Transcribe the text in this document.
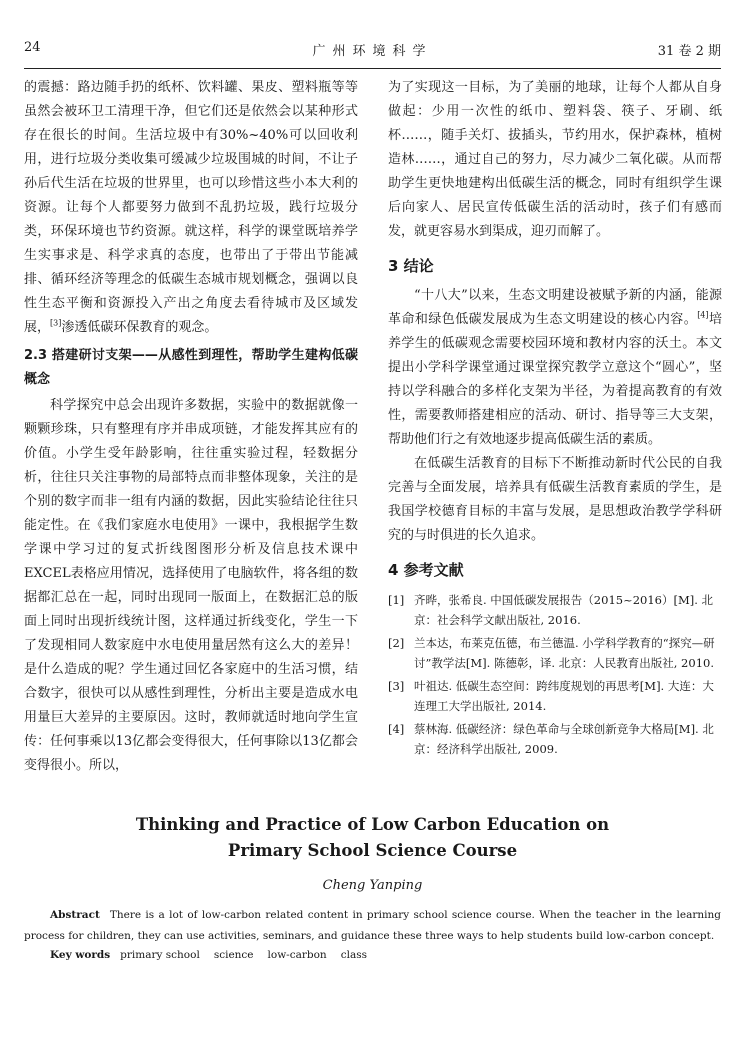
24	广州环境科学	31 卷 2 期

的震撼：路边随手扔的纸杯、饮料罐、果皮、塑料瓶等等虽然会被环卫工清理干净，但它们还是依然会以某种形式存在很长的时间。生活垃圾中有30%~40%可以回收利用，进行垃圾分类收集可缓减少垃圾围城的时间，不让子孙后代生活在垃圾的世界里，也可以珍惜这些小本大利的资源。让每个人都要努力做到不乱扔垃圾，践行垃圾分类，环保环境也节约资源。就这样，科学的课堂既培养学生实事求是、科学求真的态度，也带出了于带出节能减排、循环经济等理念的低碳生态城市规划概念，强调以良性生态平衡和资源投入产出之角度去看待城市及区域发展，[3]渗透低碳环保教育的观念。

2.3 搭建研讨支架——从感性到理性，帮助学生建构低碳概念

科学探究中总会出现许多数据，实验中的数据就像一颗颗珍珠，只有整理有序并串成项链，才能发挥其应有的价值。小学生受年龄影响，往往重实验过程，轻数据分析，往往只关注事物的局部特点而非整体现象，关注的是个别的数字而非一组有内涵的数据，因此实验结论往往只能定性。在《我们家庭水电使用》一课中，我根据学生数学课中学习过的复式折线图图形分析及信息技术课中EXCEL表格应用情况，选择使用了电脑软件，将各组的数据都汇总在一起，同时出现同一版面上，在数据汇总的版面上同时出现折线统计图，这样通过折线变化，学生一下了发现相同人数家庭中水电使用量居然有这么大的差异！是什么造成的呢？学生通过回忆各家庭中的生活习惯，结合数字，很快可以从感性到理性，分析出主要是造成水电用量巨大差异的主要原因。这时，教师就适时地向学生宣传：任何事乘以13亿都会变得很大，任何事除以13亿都会变得很小。所以，

为了实现这一目标，为了美丽的地球，让每个人都从自身做起：少用一次性的纸巾、塑料袋、筷子、牙刷、纸杯……，随手关灯、拔插头，节约用水，保护森林，植树造林……，通过自己的努力，尽力减少二氧化碳。从而帮助学生更快地建构出低碳生活的概念，同时有组织学生课后向家人、居民宣传低碳生活的活动时，孩子们有感而发，就更容易水到渠成，迎刃而解了。

3 结论

“十八大”以来，生态文明建设被赋予新的内涵，能源革命和绿色低碳发展成为生态文明建设的核心内容。[4]培养学生的低碳观念需要校园环境和教材内容的沃土。本文提出小学科学课堂通过课堂探究教学立意这个“圆心”，坚持以学科融合的多样化支架为半径，为着提高教育的有效性，需要教师搭建相应的活动、研讨、指导等三大支架，帮助他们行之有效地逐步提高低碳生活的素质。

在低碳生活教育的目标下不断推动新时代公民的自我完善与全面发展，培养具有低碳生活教育素质的学生，是我国学校德育目标的丰富与发展，是思想政治教学学科研究的与时俱进的长久追求。

4 参考文献
[1] 齐晔，张希良. 中国低碳发展报告（2015~2016）[M]. 北京：社会科学文献出版社, 2016.
[2] 兰本达，布莱克伍德，布兰德温. 小学科学教育的“探究—研讨”教学法[M]. 陈德彰，译. 北京：人民教育出版社, 2010.
[3] 叶祖达. 低碳生态空间：跨纬度规划的再思考[M]. 大连：大连理工大学出版社, 2014.
[4] 蔡林海. 低碳经济：绿色革命与全球创新竞争大格局[M]. 北京：经济科学出版社, 2009.
Thinking and Practice of Low Carbon Education on
Primary School Science Course
Cheng Yanping
Abstract There is a lot of low-carbon related content in primary school science course. When the teacher in the learning process for children, they can use activities, seminars, and guidance these three ways to help students build low-carbon concept.
Key words primary school science low-carbon class
